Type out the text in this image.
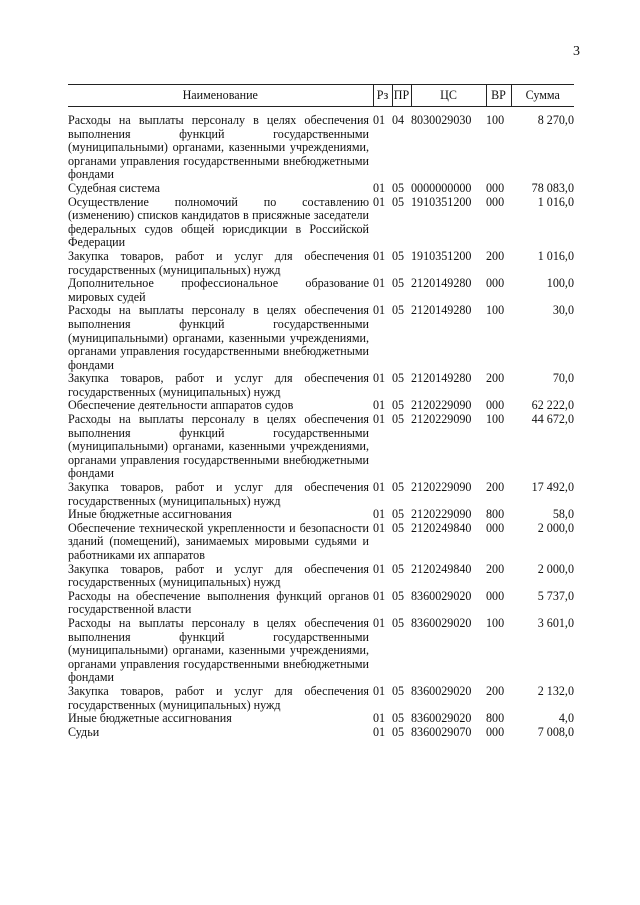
3
Наименование	Рз	ПР	ЦС	ВР	Сумма
Расходы на выплаты персоналу в целях обеспечения выполнения функций государственными (муниципальными) органами, казенными учреждениями, органами управления государственными внебюджетными фондами	01	04	8030029030	100	8 270,0
Судебная система	01	05	0000000000	000	78 083,0
Осуществление полномочий по составлению (изменению) списков кандидатов в присяжные заседатели федеральных судов общей юрисдикции в Российской Федерации	01	05	1910351200	000	1 016,0
Закупка товаров, работ и услуг для обеспечения государственных (муниципальных) нужд	01	05	1910351200	200	1 016,0
Дополнительное профессиональное образование мировых судей	01	05	2120149280	000	100,0
Расходы на выплаты персоналу в целях обеспечения выполнения функций государственными (муниципальными) органами, казенными учреждениями, органами управления государственными внебюджетными фондами	01	05	2120149280	100	30,0
Закупка товаров, работ и услуг для обеспечения государственных (муниципальных) нужд	01	05	2120149280	200	70,0
Обеспечение деятельности аппаратов судов	01	05	2120229090	000	62 222,0
Расходы на выплаты персоналу в целях обеспечения выполнения функций государственными (муниципальными) органами, казенными учреждениями, органами управления государственными внебюджетными фондами	01	05	2120229090	100	44 672,0
Закупка товаров, работ и услуг для обеспечения государственных (муниципальных) нужд	01	05	2120229090	200	17 492,0
Иные бюджетные ассигнования	01	05	2120229090	800	58,0
Обеспечение технической укрепленности и безопасности зданий (помещений), занимаемых мировыми судьями и работниками их аппаратов	01	05	2120249840	000	2 000,0
Закупка товаров, работ и услуг для обеспечения государственных (муниципальных) нужд	01	05	2120249840	200	2 000,0
Расходы на обеспечение выполнения функций органов государственной власти	01	05	8360029020	000	5 737,0
Расходы на выплаты персоналу в целях обеспечения выполнения функций государственными (муниципальными) органами, казенными учреждениями, органами управления государственными внебюджетными фондами	01	05	8360029020	100	3 601,0
Закупка товаров, работ и услуг для обеспечения государственных (муниципальных) нужд	01	05	8360029020	200	2 132,0
Иные бюджетные ассигнования	01	05	8360029020	800	4,0
Судьи	01	05	8360029070	000	7 008,0
